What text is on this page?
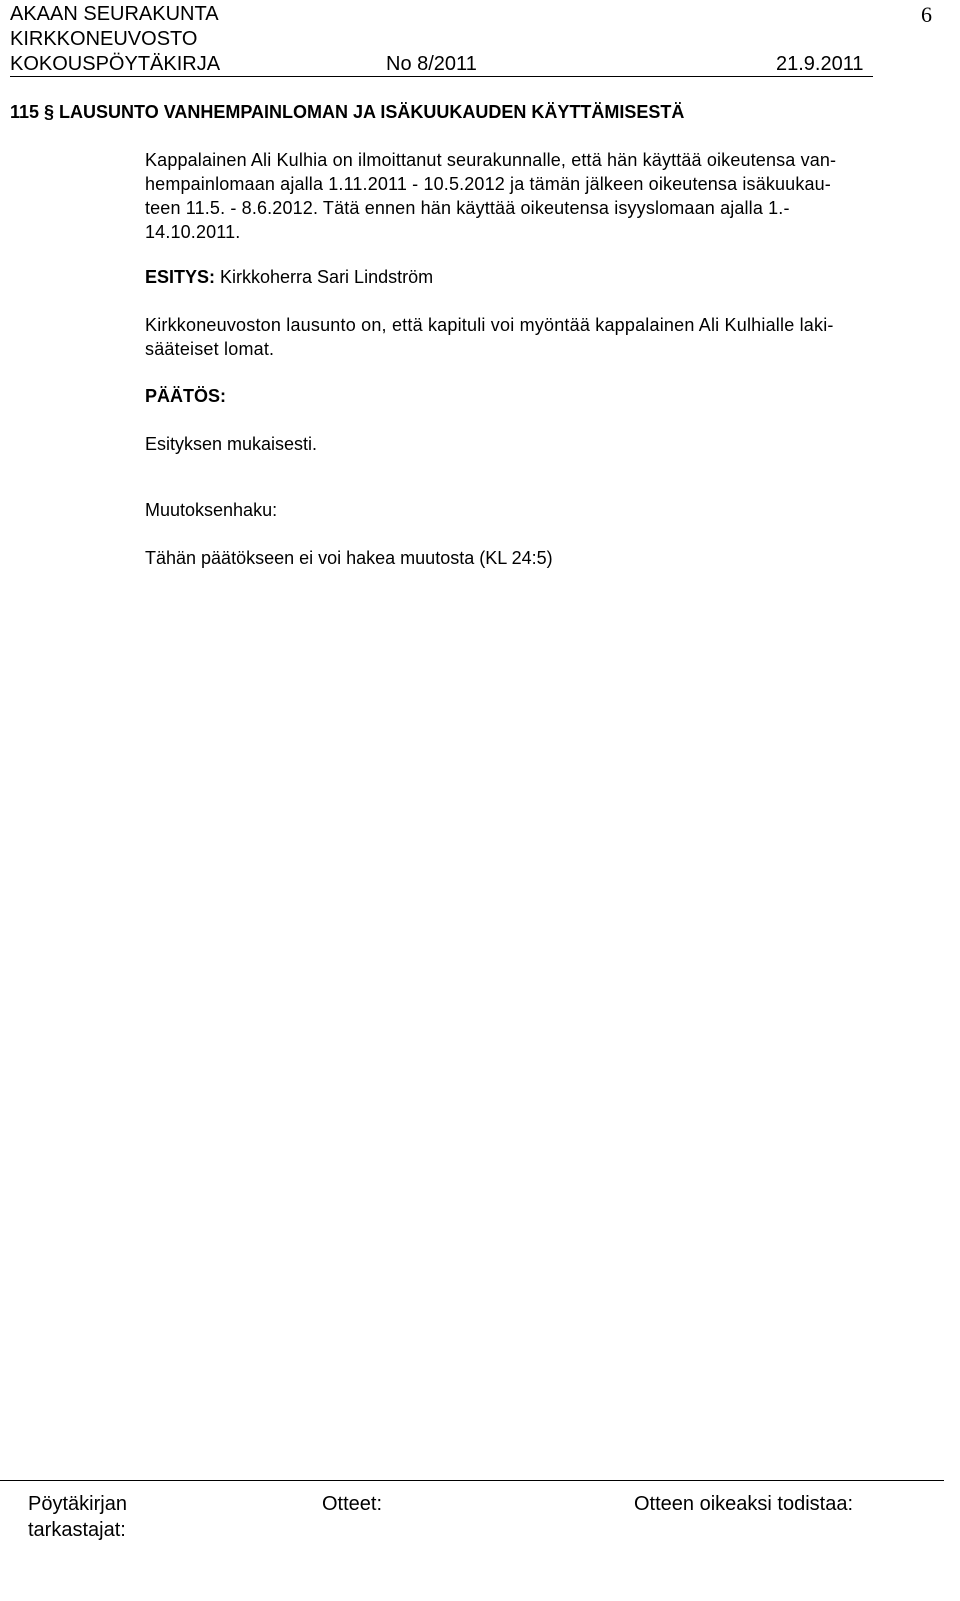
AKAAN SEURAKUNTA
KIRKKONEUVOSTO
KOKOUSPÖYTÄKIRJA	No 8/2011	21.9.2011
6
115 § LAUSUNTO VANHEMPAINLOMAN JA ISÄKUUKAUDEN KÄYTTÄMISESTÄ
Kappalainen Ali Kulhia on ilmoittanut seurakunnalle, että hän käyttää oikeutensa van-
hempainlomaan ajalla 1.11.2011 - 10.5.2012 ja tämän jälkeen oikeutensa isäkuukau-
teen 11.5. - 8.6.2012. Tätä ennen hän käyttää oikeutensa isyyslomaan ajalla 1.-
14.10.2011.
ESITYS: Kirkkoherra Sari Lindström
Kirkkoneuvoston lausunto on, että kapituli voi myöntää kappalainen Ali Kulhialle laki-
sääteiset lomat.
PÄÄTÖS:
Esityksen mukaisesti.
Muutoksenhaku:
Tähän päätökseen ei voi hakea muutosta (KL 24:5)
Pöytäkirjan
tarkastajat:
Otteet:	Otteen oikeaksi todistaa:
